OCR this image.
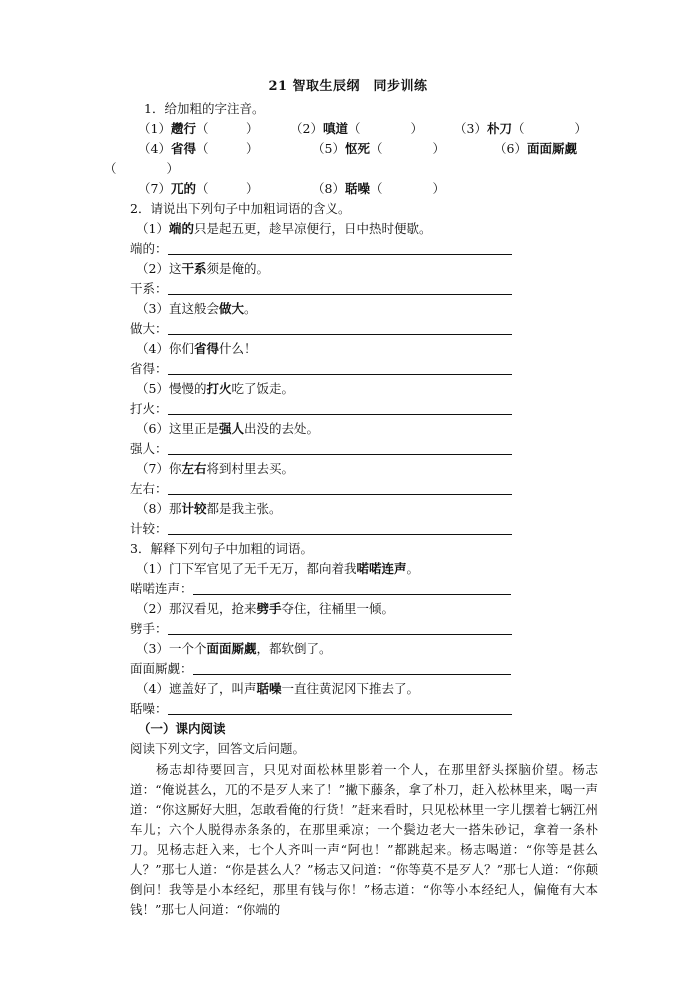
21 智取生辰纲　同步训练
1．给加粗的字注音。
（1）趱行（　　　）	（2）嗔道（　　　　） （3）朴刀（　　　　）
（4）省得（　　　）	（5）怄死（　　　　）	（6）面面厮觑
（　　　　）
（7）兀的（　　　）	（8）聒噪（　　　　）
2．请说出下列句子中加粗词语的含义。
（1）端的只是起五更，趁早凉便行，日中热时便歇。
端的：
（2）这干系须是俺的。
干系：
（3）直这般会做大。
做大：
（4）你们省得什么！
省得：
（5）慢慢的打火吃了饭走。
打火：
（6）这里正是强人出没的去处。
强人：
（7）你左右将到村里去买。
左右：
（8）那计较都是我主张。
计较：
3．解释下列句子中加粗的词语。
（1）门下军官见了无千无万，都向着我喏喏连声。
喏喏连声：
（2）那汉看见，抢来劈手夺住，往桶里一倾。
劈手：
（3）一个个面面厮觑，都软倒了。
面面厮觑：
（4）遮盖好了，叫声聒噪一直往黄泥冈下推去了。
聒噪：
（一）课内阅读
阅读下列文字，回答文后问题。
杨志却待要回言，只见对面松林里影着一个人，在那里舒头探脑价望。杨志道：“俺说甚么，兀的不是歹人来了！”撇下藤条，拿了朴刀，赶入松林里来，喝一声道：“你这厮好大胆，怎敢看俺的行货！”赶来看时，只见松林里一字儿摆着七辆江州车儿；六个人脱得赤条条的，在那里乘凉；一个鬓边老大一搭朱砂记，拿着一条朴刀。见杨志赶入来，七个人齐叫一声“阿也！”都跳起来。杨志喝道：“你等是甚么人？”那七人道：“你是甚么人？”杨志又问道：“你等莫不是歹人？”那七人道：“你颠倒问！我等是小本经纪，那里有钱与你！”杨志道：“你等小本经纪人，偏俺有大本钱！”那七人问道：“你端的
